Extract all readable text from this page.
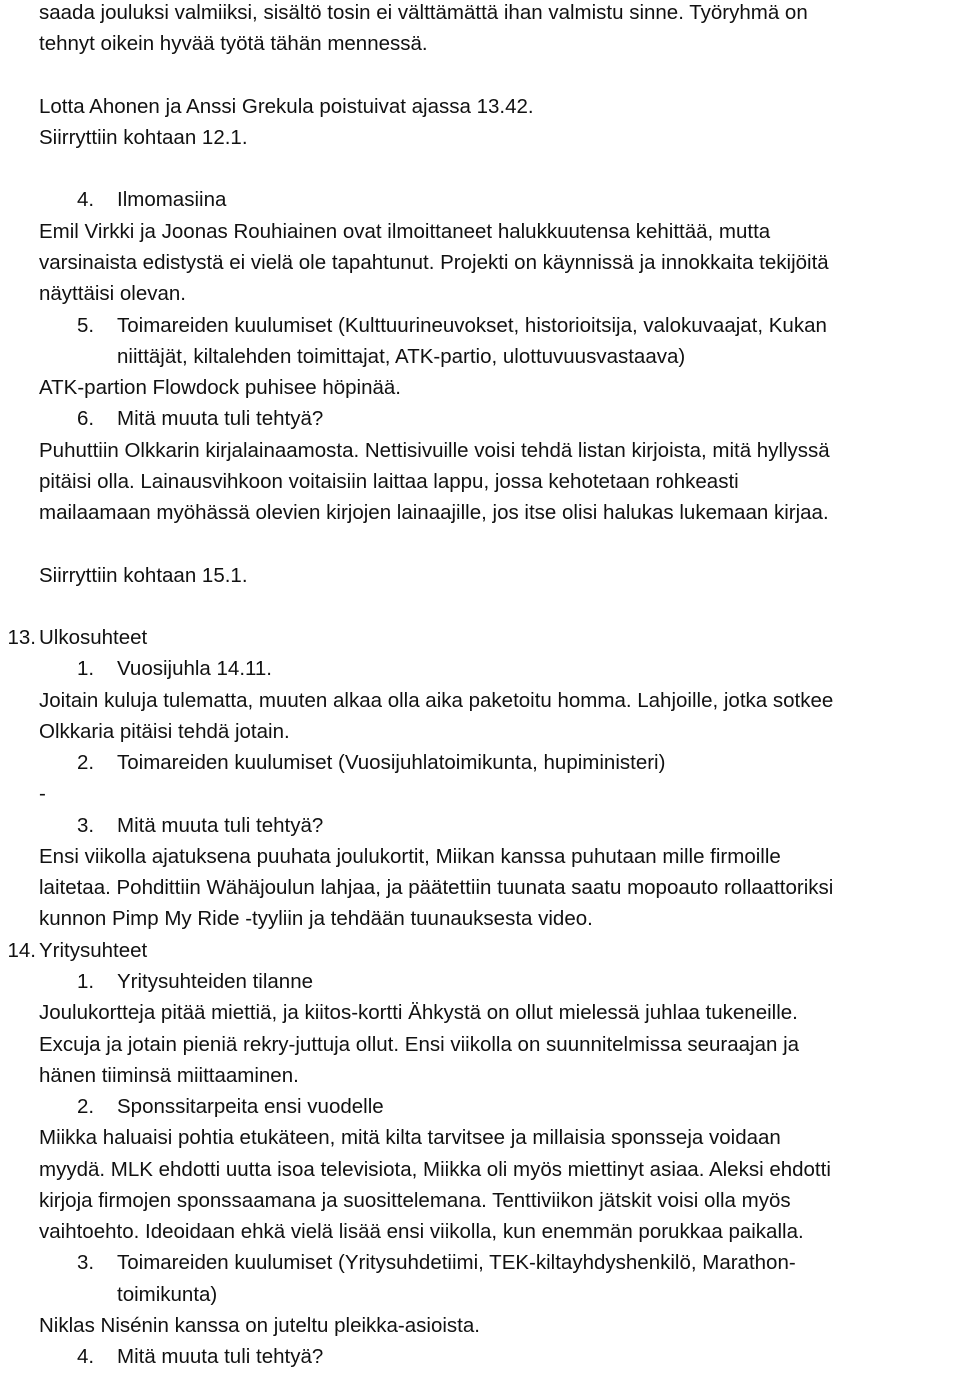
saada jouluksi valmiiksi, sisältö tosin ei välttämättä ihan valmistu sinne. Työryhmä on
tehnyt oikein hyvää työtä tähän mennessä.
Lotta Ahonen ja Anssi Grekula poistuivat ajassa 13.42.
Siirryttiin kohtaan 12.1.
4. Ilmomasiina
Emil Virkki ja Joonas Rouhiainen ovat ilmoittaneet halukkuutensa kehittää, mutta
varsinaista edistystä ei vielä ole tapahtunut. Projekti on käynnissä ja innokkaita tekijöitä
näyttäisi olevan.
5. Toimareiden kuulumiset (Kulttuurineuvokset, historioitsija, valokuvaajat, Kukan
niittäjät, kiltalehden toimittajat, ATK-partio, ulottuvuusvastaava)
ATK-partion Flowdock puhisee höpinää.
6. Mitä muuta tuli tehtyä?
Puhuttiin Olkkarin kirjalainaamosta. Nettisivuille voisi tehdä listan kirjoista, mitä hyllyssä
pitäisi olla. Lainausvihkoon voitaisiin laittaa lappu, jossa kehotetaan rohkeasti
mailaamaan myöhässä olevien kirjojen lainaajille, jos itse olisi halukas lukemaan kirjaa.
Siirryttiin kohtaan 15.1.
13. Ulkosuhteet
1. Vuosijuhla 14.11.
Joitain kuluja tulematta, muuten alkaa olla aika paketoitu homma. Lahjoille, jotka sotkee
Olkkaria pitäisi tehdä jotain.
2. Toimareiden kuulumiset (Vuosijuhlatoimikunta, hupiministeri)
-
3. Mitä muuta tuli tehtyä?
Ensi viikolla ajatuksena puuhata joulukortit, Miikan kanssa puhutaan mille firmoille
laitetaa. Pohdittiin Wähäjoulun lahjaa, ja päätettiin tuunata saatu mopoauto rollaattoriksi
kunnon Pimp My Ride -tyyliin ja tehdään tuunauksesta video.
14. Yritysuhteet
1. Yritysuhteiden tilanne
Joulukortteja pitää miettiä, ja kiitos-kortti Ähkystä on ollut mielessä juhlaa tukeneille.
Excuja ja jotain pieniä rekry-juttuja ollut. Ensi viikolla on suunnitelmissa seuraajan ja
hänen tiiminsä miittaaminen.
2. Sponssitarpeita ensi vuodelle
Miikka haluaisi pohtia etukäteen, mitä kilta tarvitsee ja millaisia sponsseja voidaan
myydä. MLK ehdotti uutta isoa televisiota, Miikka oli myös miettinyt asiaa. Aleksi ehdotti
kirjoja firmojen sponssaamana ja suosittelemana. Tenttiviikon jätskit voisi olla myös
vaihtoehto. Ideoidaan ehkä vielä lisää ensi viikolla, kun enemmän porukkaa paikalla.
3. Toimareiden kuulumiset (Yritysuhdetiimi, TEK-kiltayhdyshenkilö, Marathon-
toimikunta)
Niklas Nisénin kanssa on juteltu pleikka-asioista.
4. Mitä muuta tuli tehtyä?
